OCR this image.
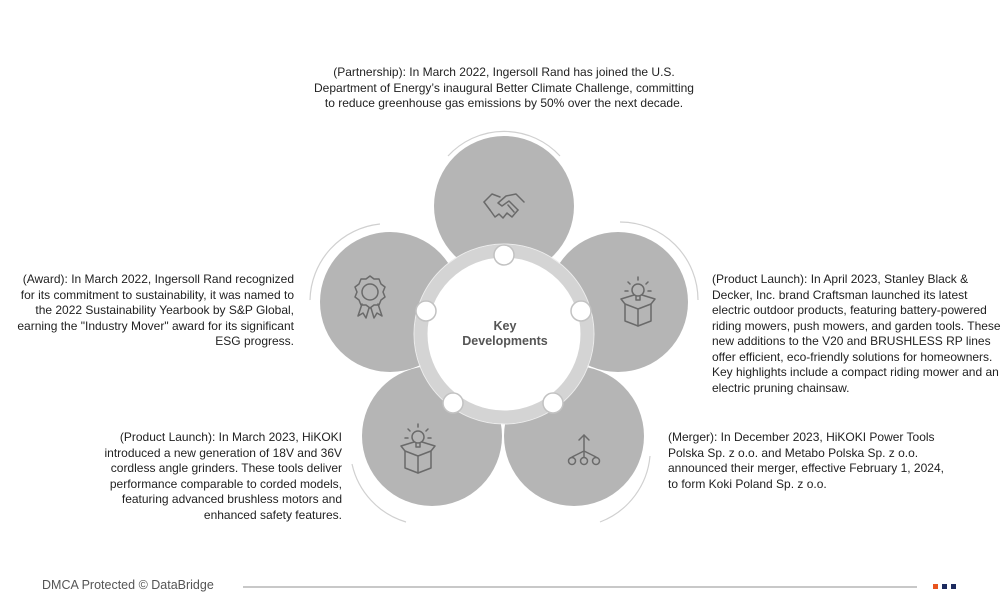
Key
Developments

(Partnership): In March 2022, Ingersoll Rand has joined the U.S. Department of Energy’s inaugural Better Climate Challenge, committing to reduce greenhouse gas emissions by 50% over the next decade.

(Award): In March 2022, Ingersoll Rand recognized for its commitment to sustainability, it was named to the 2022 Sustainability Yearbook by S&P Global, earning the "Industry Mover" award for its significant ESG progress.

(Product Launch): In April 2023, Stanley Black & Decker, Inc. brand Craftsman launched its latest electric outdoor products, featuring battery-powered riding mowers, push mowers, and garden tools. These new additions to the V20 and BRUSHLESS RP lines offer efficient, eco-friendly solutions for homeowners. Key highlights include a compact riding mower and an electric pruning chainsaw.

(Product Launch): In March 2023, HiKOKI introduced a new generation of 18V and 36V cordless angle grinders. These tools deliver performance comparable to corded models, featuring advanced brushless motors and enhanced safety features.

(Merger): In December 2023, HiKOKI Power Tools Polska Sp. z o.o. and Metabo Polska Sp. z o.o. announced their merger, effective February 1, 2024, to form Koki Poland Sp. z o.o.

DMCA Protected © DataBridge
